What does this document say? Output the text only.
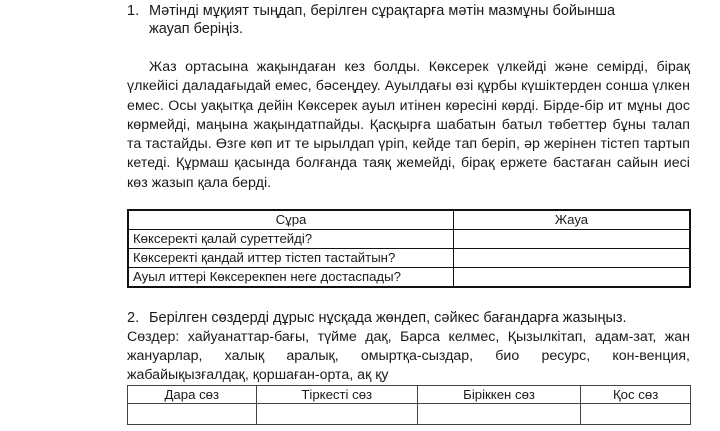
1. Мәтінді мұқият тыңдап, берілген сұрақтарға мәтін мазмұны бойынша
жауап беріңіз.

Жаз ортасына жақындаған кез болды. Көксерек үлкейді және семірді, бірақ үлкейісі даладағыдай емес, бәсеңдеу. Ауылдағы өзі құрбы күшіктерден сонша үлкен емес. Осы уақытқа дейін Көксерек ауыл итінен көресіні көрді. Бірде-бір ит мұны дос көрмейді, маңына жақындатпайды. Қасқырға шабатын батыл төбеттер бұны талап та тастайды. Өзге көп ит те ырылдап үріп, кейде тап беріп, әр жерінен тістеп тартып кетеді. Құрмаш қасында болғанда таяқ жемейді, бірақ ержете бастаған сайын иесі көз жазып қала берді.

Сұра	Жауа
Көксеректі қалай суреттейді?	
Көксеректі қандай иттер тістеп тастайтын?	
Ауыл иттері Көксерекпен неге достаспады?	
2. Берілген сөздерді дұрыс нұсқада жөндеп, сәйкес бағандарға жазыңыз.

Сөздер: хайуанаттар-бағы, түйме дақ, Барса келмес, Қызылкітап, адам-зат, жан жануарлар, халық аралық, омыртқа-сыздар, био ресурс, кон-венция, жабайықызғалдақ, қоршаған-орта, ақ қу

Дара сөз	Тіркесті сөз	Біріккен сөз	Қос сөз
